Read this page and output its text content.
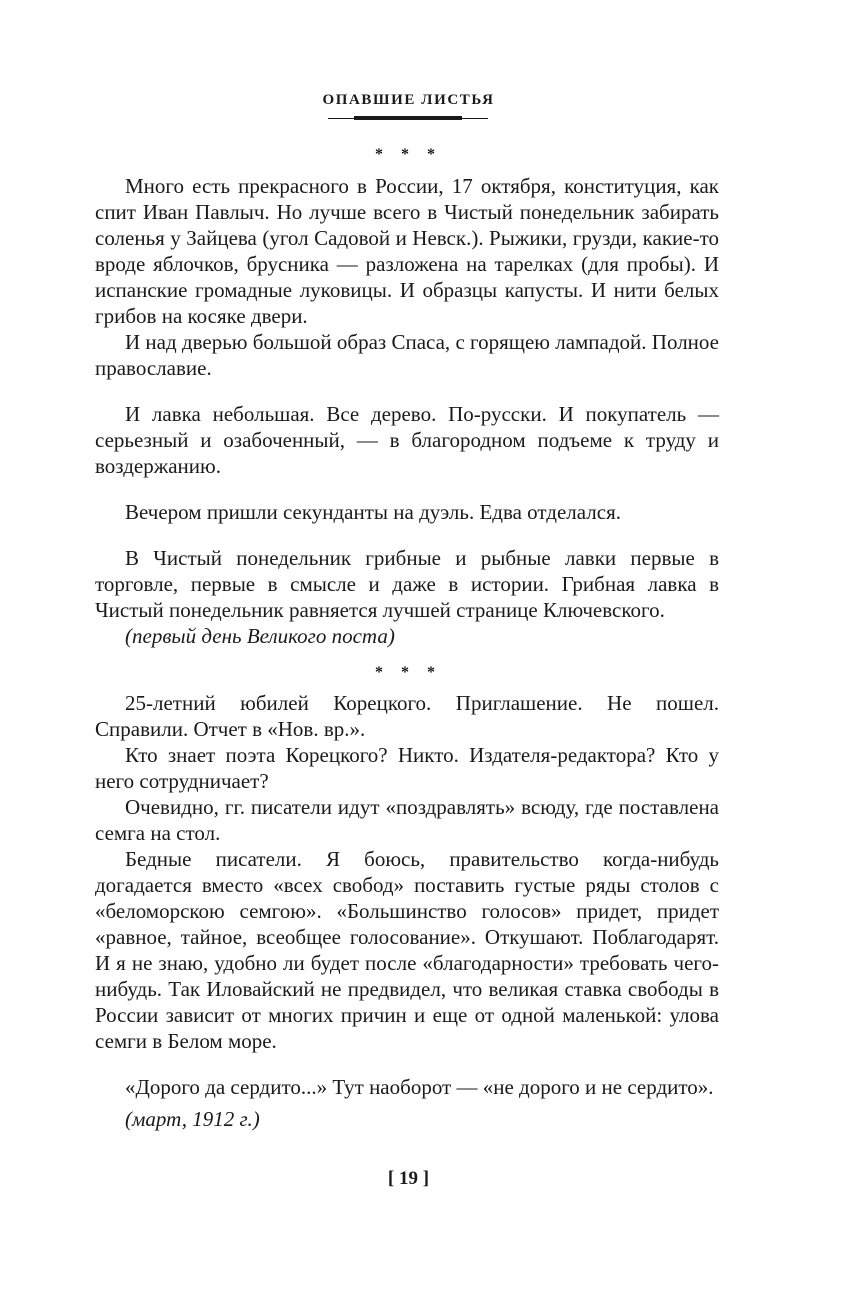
ОПАВШИЕ ЛИСТЬЯ
* * *

Много есть прекрасного в России, 17 октября, конституция, как спит Иван Павлыч. Но лучше всего в Чистый понедельник забирать соленья у Зайцева (угол Садовой и Невск.). Рыжики, грузди, какие-то вроде яблочков, брусника — разложена на тарелках (для пробы). И испанские громадные луковицы. И образцы капусты. И нити белых грибов на косяке двери.

И над дверью большой образ Спаса, с горящею лампадой. Полное православие.

И лавка небольшая. Все дерево. По-русски. И покупатель — серьезный и озабоченный, — в благородном подъеме к труду и воздержанию.

Вечером пришли секунданты на дуэль. Едва отделался.

В Чистый понедельник грибные и рыбные лавки первые в торговле, первые в смысле и даже в истории. Грибная лавка в Чистый понедельник равняется лучшей странице Ключевского.

(первый день Великого поста)

* * *

25-летний юбилей Корецкого. Приглашение. Не пошел. Справили. Отчет в «Нов. вр.».

Кто знает поэта Корецкого? Никто. Издателя-редактора? Кто у него сотрудничает?

Очевидно, гг. писатели идут «поздравлять» всюду, где поставлена семга на стол.

Бедные писатели. Я боюсь, правительство когда-нибудь догадается вместо «всех свобод» поставить густые ряды столов с «беломорскою семгою». «Большинство голосов» придет, придет «равное, тайное, всеобщее голосование». Откушают. Поблагодарят. И я не знаю, удобно ли будет после «благодарности» требовать чего-нибудь. Так Иловайский не предвидел, что великая ставка свободы в России зависит от многих причин и еще от одной маленькой: улова семги в Белом море.

«Дорого да сердито...» Тут наоборот — «не дорого и не сердито».

(март, 1912 г.)

[ 19 ]
